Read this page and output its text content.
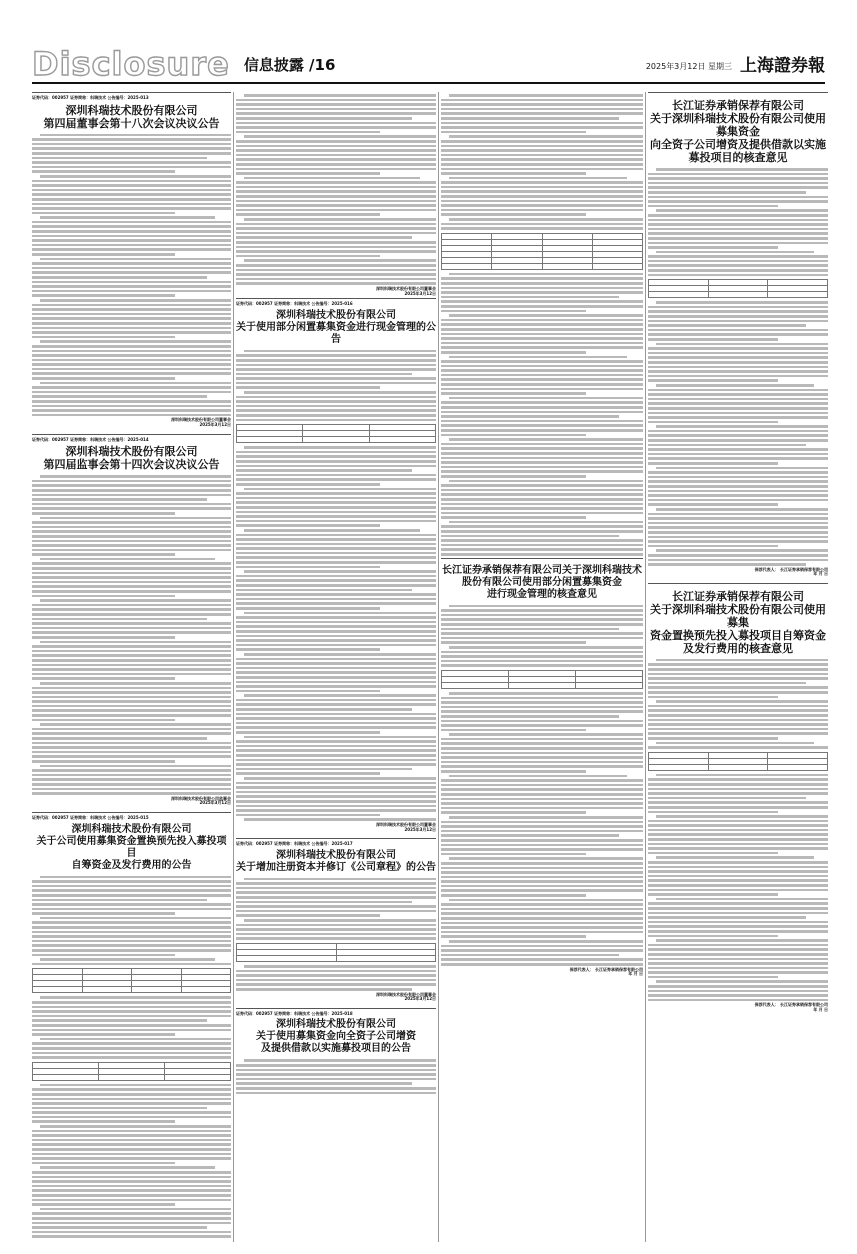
Disclosure 信息披露 /16	2025年3月12日 星期三 上海證券報
证券代码：002957 证券简称：科瑞技术 公告编号：2025-013
深圳科瑞技术股份有限公司
第四届董事会第十八次会议决议公告
深圳科瑞技术股份有限公司董事会
2025年3月12日
证券代码：002957 证券简称：科瑞技术 公告编号：2025-014
深圳科瑞技术股份有限公司
第四届监事会第十四次会议决议公告
深圳科瑞技术股份有限公司监事会
2025年3月12日
证券代码：002957 证券简称：科瑞技术 公告编号：2025-015
深圳科瑞技术股份有限公司
关于公司使用募集资金置换预先投入募投项目
自筹资金及发行费用的公告

深圳科瑞技术股份有限公司董事会
2025年3月12日
证券代码：002957 证券简称：科瑞技术 公告编号：2025-016
深圳科瑞技术股份有限公司
关于使用部分闲置募集资金进行现金管理的公告

深圳科瑞技术股份有限公司董事会
2025年3月12日
证券代码：002957 证券简称：科瑞技术 公告编号：2025-017
深圳科瑞技术股份有限公司
关于增加注册资本并修订《公司章程》的公告

深圳科瑞技术股份有限公司董事会
2025年3月12日
证券代码：002957 证券简称：科瑞技术 公告编号：2025-018
深圳科瑞技术股份有限公司
关于使用募集资金向全资子公司增资
及提供借款以实施募投项目的公告

长江证券承销保荐有限公司关于深圳科瑞技术
股份有限公司使用部分闲置募集资金
进行现金管理的核查意见

保荐代表人： 长江证券承销保荐有限公司
年 月 日
长江证券承销保荐有限公司
关于深圳科瑞技术股份有限公司使用募集资金
向全资子公司增资及提供借款以实施
募投项目的核查意见

保荐代表人： 长江证券承销保荐有限公司
年 月 日
长江证券承销保荐有限公司
关于深圳科瑞技术股份有限公司使用募集
资金置换预先投入募投项目自筹资金
及发行费用的核查意见

保荐代表人： 长江证券承销保荐有限公司
年 月 日
